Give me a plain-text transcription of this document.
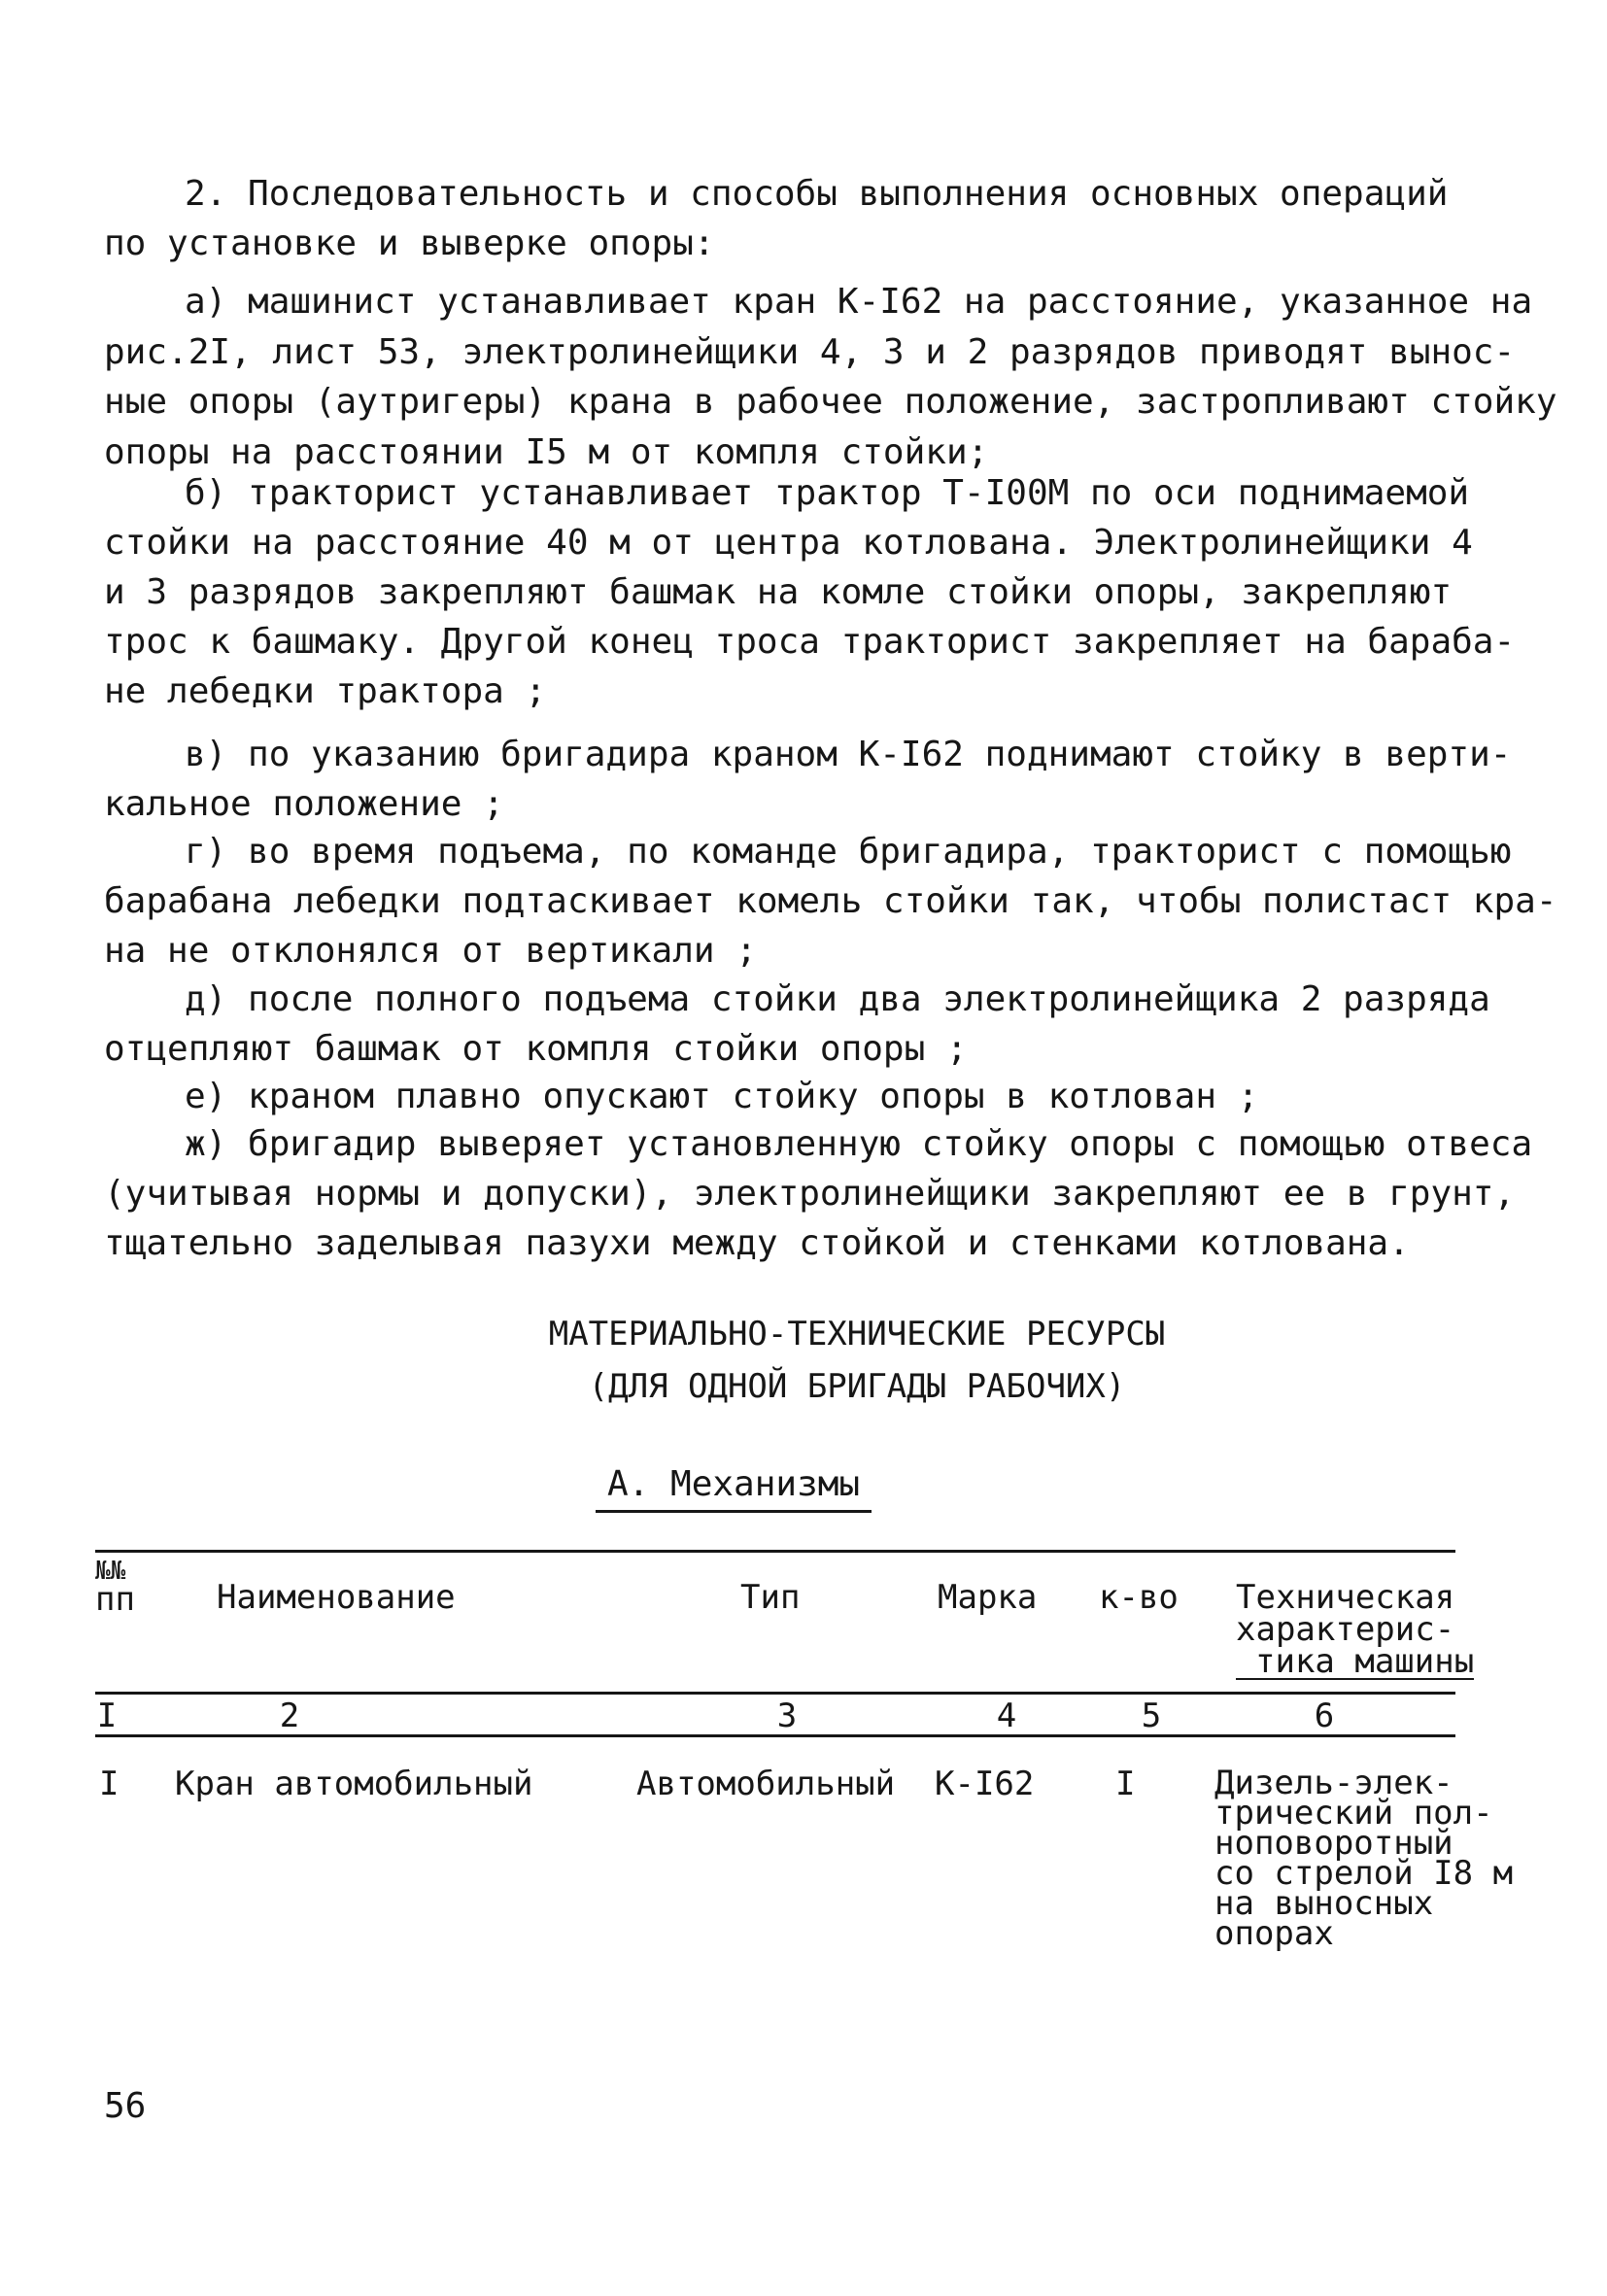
2. Последовательность и способы выполнения основных операций
по установке и выверке опоры:
а) машинист устанавливает кран К-I62 на расстояние, указанное на
рис.2I, лист 53, электролинейщики 4, 3 и 2 разрядов приводят вынос-
ные опоры (аутригеры) крана в рабочее положение, застропливают стойку
опоры на расстоянии I5 м от компля стойки;
б) тракторист устанавливает трактор Т-I00М по оси поднимаемой
стойки на расстояние 40 м от центра котлована. Электролинейщики 4
и 3 разрядов закрепляют башмак на комле стойки опоры, закрепляют
трос к башмаку. Другой конец троса тракторист закрепляет на бараба-
не лебедки трактора ;
в) по указанию бригадира краном К-I62 поднимают стойку в верти-
кальное положение ;
г) во время подъема, по команде бригадира, тракторист с помощью
барабана лебедки подтаскивает комель стойки так, чтобы полистаст кра-
на не отклонялся от вертикали ;
д) после полного подъема стойки два электролинейщика 2 разряда
отцепляют башмак от компля стойки опоры ;
е) краном плавно опускают стойку опоры в котлован ;
ж) бригадир выверяет установленную стойку опоры с помощью отвеса
(учитывая нормы и допуски), электролинейщики закрепляют ее в грунт,
тщательно заделывая пазухи между стойкой и стенками котлована.
МАТЕРИАЛЬНО-ТЕХНИЧЕСКИЕ РЕСУРСЫ
(ДЛЯ ОДНОЙ БРИГАДЫ РАБОЧИХ)
А. Механизмы
№№
пп Наименование	Тип	Марка к-во Техническая
характерис-
тика машины
I	2	3	4	5	6
I Кран автомобильный	Автомобильный К-I62 I Дизель-элек-
трический пол-
ноповоротный
со стрелой I8 м
на выносных
опорах
56
